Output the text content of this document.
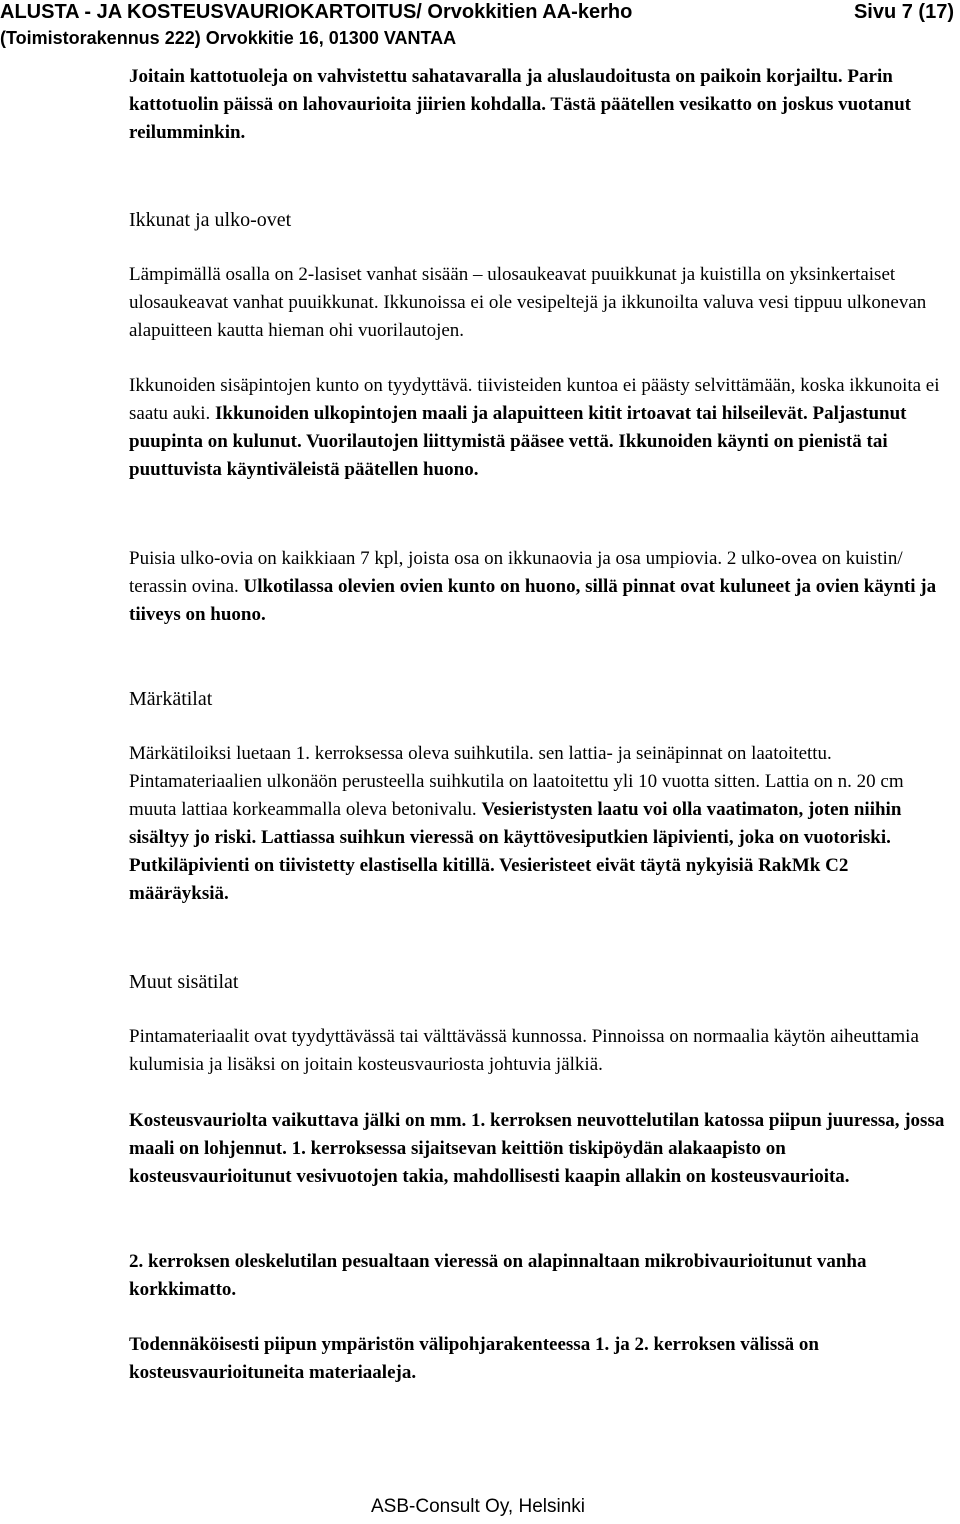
ALUSTA - JA KOSTEUSVAURIOKARTOITUS/ Orvokkitien AA-kerho	Sivu 7 (17)
(Toimistorakennus 222) Orvokkitie 16, 01300 VANTAA

Joitain kattotuoleja on vahvistettu sahatavaralla ja aluslaudoitusta on paikoin korjailtu. Parin kattotuolin päissä on lahovaurioita jiirien kohdalla. Tästä päätellen vesikatto on joskus vuotanut reilumminkin.

Ikkunat ja ulko-ovet

Lämpimällä osalla on 2-lasiset vanhat sisään – ulosaukeavat puuikkunat ja kuistilla on yksinkertaiset ulosaukeavat vanhat puuikkunat. Ikkunoissa ei ole vesipeltejä ja ikkunoilta valuva vesi tippuu ulkonevan alapuitteen kautta hieman ohi vuorilautojen.

Ikkunoiden sisäpintojen kunto on tyydyttävä. tiivisteiden kuntoa ei päästy selvittämään, koska ikkunoita ei saatu auki. Ikkunoiden ulkopintojen maali ja alapuitteen kitit irtoavat tai hilseilevät. Paljastunut puupinta on kulunut. Vuorilautojen liittymistä pääsee vettä. Ikkunoiden käynti on pienistä tai puuttuvista käyntiväleistä päätellen huono.

Puisia ulko-ovia on kaikkiaan 7 kpl, joista osa on ikkunaovia ja osa umpiovia. 2 ulko-ovea on kuistin/ terassin ovina. Ulkotilassa olevien ovien kunto on huono, sillä pinnat ovat kuluneet ja ovien käynti ja tiiveys on huono.

Märkätilat

Märkätiloiksi luetaan 1. kerroksessa oleva suihkutila. sen lattia- ja seinäpinnat on laatoitettu. Pintamateriaalien ulkonäön perusteella suihkutila on laatoitettu yli 10 vuotta sitten. Lattia on n. 20 cm muuta lattiaa korkeammalla oleva betonivalu. Vesieristysten laatu voi olla vaatimaton, joten niihin sisältyy jo riski. Lattiassa suihkun vieressä on käyttövesiputkien läpivienti, joka on vuotoriski. Putkiläpivienti on tiivistetty elastisella kitillä. Vesieristeet eivät täytä nykyisiä RakMk C2 määräyksiä.

Muut sisätilat

Pintamateriaalit ovat tyydyttävässä tai välttävässä kunnossa. Pinnoissa on normaalia käytön aiheuttamia kulumisia ja lisäksi on joitain kosteusvauriosta johtuvia jälkiä.

Kosteusvauriolta vaikuttava jälki on mm. 1. kerroksen neuvottelutilan katossa piipun juuressa, jossa maali on lohjennut. 1. kerroksessa sijaitsevan keittiön tiskipöydän alakaapisto on kosteusvaurioitunut vesivuotojen takia, mahdollisesti kaapin allakin on kosteusvaurioita.

2. kerroksen oleskelutilan pesualtaan vieressä on alapinnaltaan mikrobivaurioitunut vanha korkkimatto.

Todennäköisesti piipun ympäristön välipohjarakenteessa 1. ja 2. kerroksen välissä on kosteusvaurioituneita materiaaleja.

ASB-Consult Oy, Helsinki
